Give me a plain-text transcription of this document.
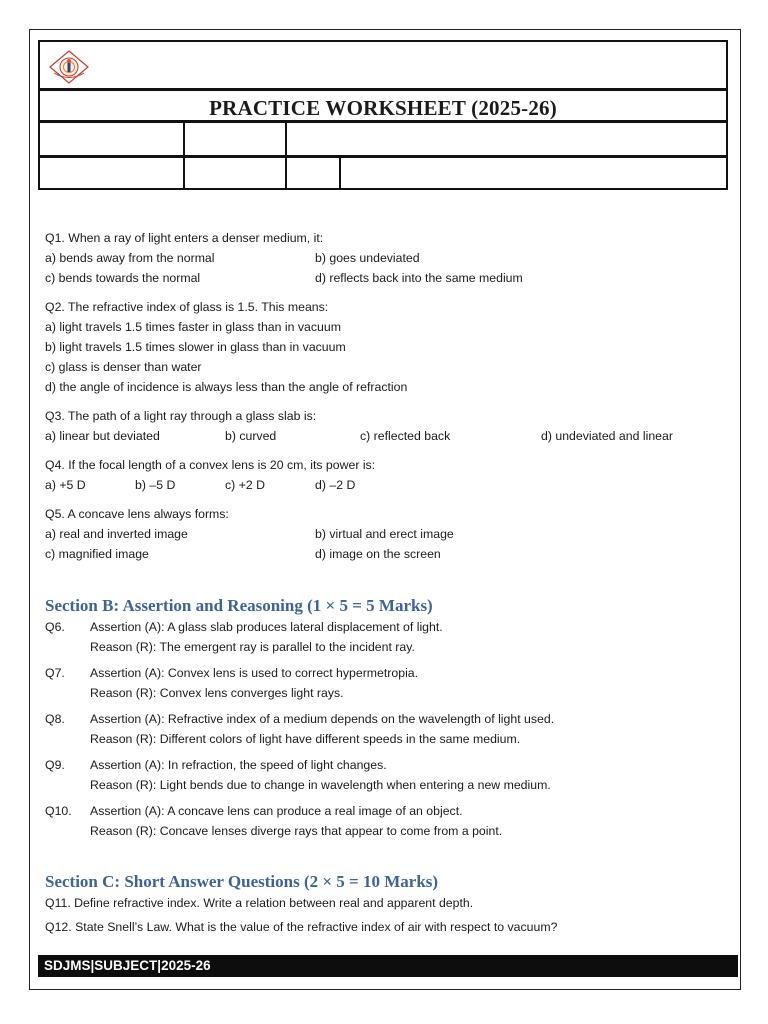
PRACTICE WORKSHEET (2025-26)
Q1. When a ray of light enters a denser medium, it:
a) bends away from the normal	b) goes undeviated
c) bends towards the normal	d) reflects back into the same medium
Q2. The refractive index of glass is 1.5. This means:
a) light travels 1.5 times faster in glass than in vacuum
b) light travels 1.5 times slower in glass than in vacuum
c) glass is denser than water
d) the angle of incidence is always less than the angle of refraction
Q3. The path of a light ray through a glass slab is:
a) linear but deviated	b) curved	c) reflected back	d) undeviated and linear
Q4. If the focal length of a convex lens is 20 cm, its power is:
a) +5 D	b) –5 D	c) +2 D	d) –2 D
Q5. A concave lens always forms:
a) real and inverted image	b) virtual and erect image
c) magnified image	d) image on the screen
Section B: Assertion and Reasoning (1 × 5 = 5 Marks)
Q6. Assertion (A): A glass slab produces lateral displacement of light.
Reason (R): The emergent ray is parallel to the incident ray.
Q7. Assertion (A): Convex lens is used to correct hypermetropia.
Reason (R): Convex lens converges light rays.
Q8. Assertion (A): Refractive index of a medium depends on the wavelength of light used.
Reason (R): Different colors of light have different speeds in the same medium.
Q9. Assertion (A): In refraction, the speed of light changes.
Reason (R): Light bends due to change in wavelength when entering a new medium.
Q10. Assertion (A): A concave lens can produce a real image of an object.
Reason (R): Concave lenses diverge rays that appear to come from a point.
Section C: Short Answer Questions (2 × 5 = 10 Marks)
Q11. Define refractive index. Write a relation between real and apparent depth.
Q12. State Snell’s Law. What is the value of the refractive index of air with respect to vacuum?
SDJMS|SUBJECT|2025-26
